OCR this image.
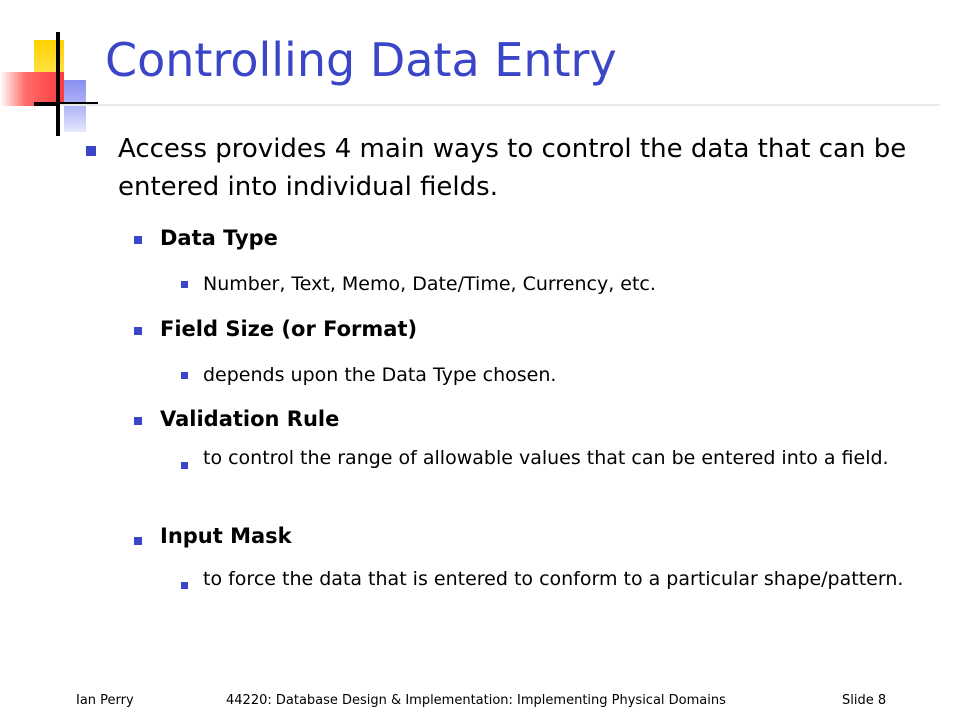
Controlling Data Entry
Access provides 4 main ways to control the data that can be entered into individual fields.
Data Type
Number, Text, Memo, Date/Time, Currency, etc.
Field Size (or Format)
depends upon the Data Type chosen.
Validation Rule
to control the range of allowable values that can be entered into a field.
Input Mask
to force the data that is entered to conform to a particular shape/pattern.
Ian Perry	44220: Database Design & Implementation: Implementing Physical Domains	Slide 8
